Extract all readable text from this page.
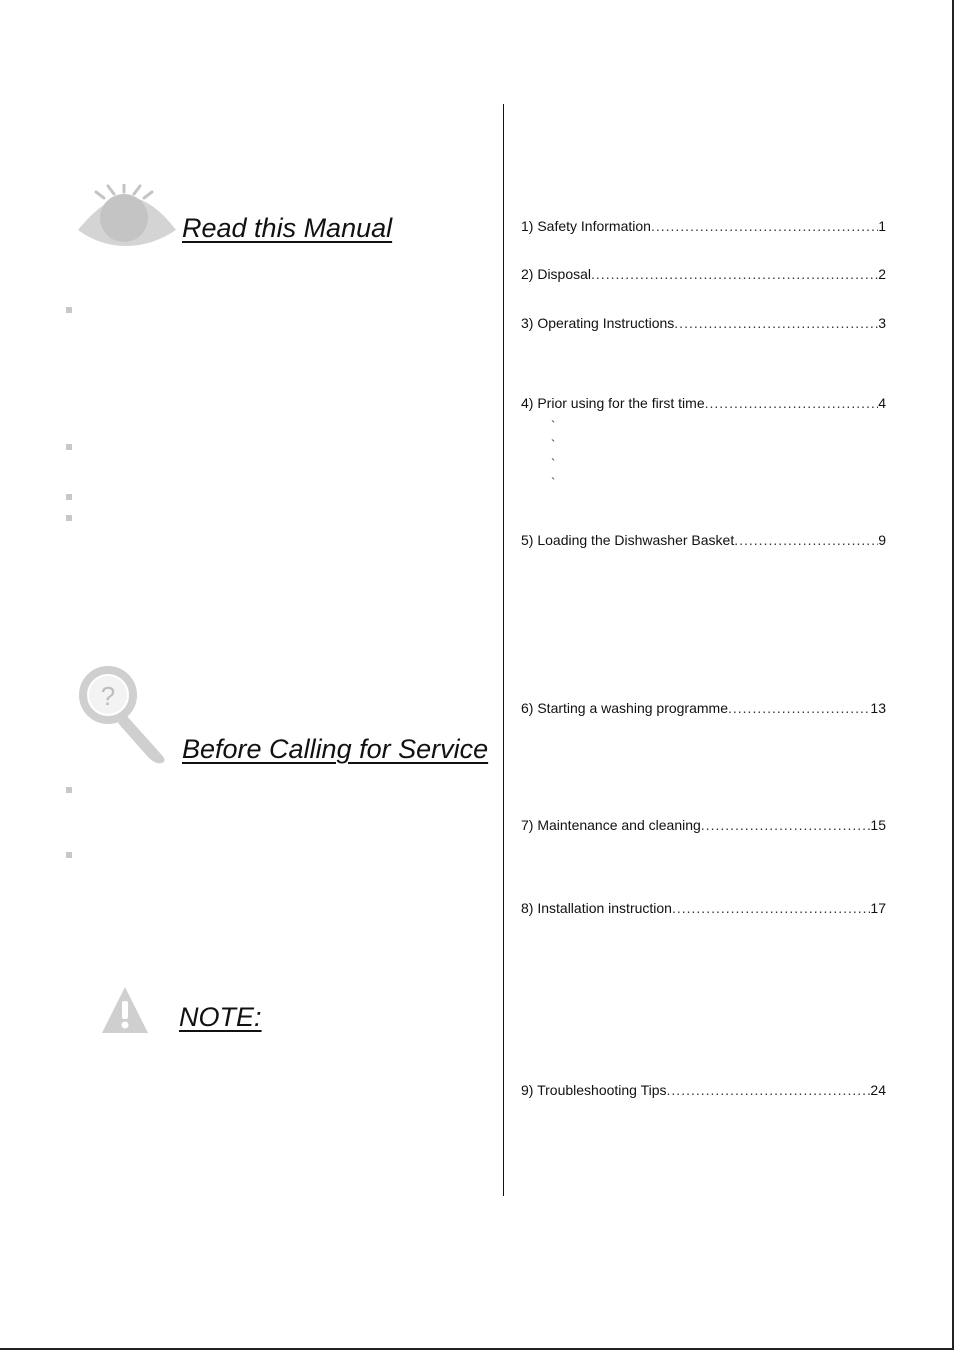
Read this Manual
?
Before Calling for Service
NOTE:
1) Safety Information .....	1
2) Disposal .....	2
3) Operating Instructions .....	3
4) Prior using for the first time .....	4
`
`
`
`
5) Loading the Dishwasher Basket .....	9
6) Starting a washing programme .....	13
7) Maintenance and cleaning .....	15
8) Installation instruction .....	17
9) Troubleshooting Tips .....	24
